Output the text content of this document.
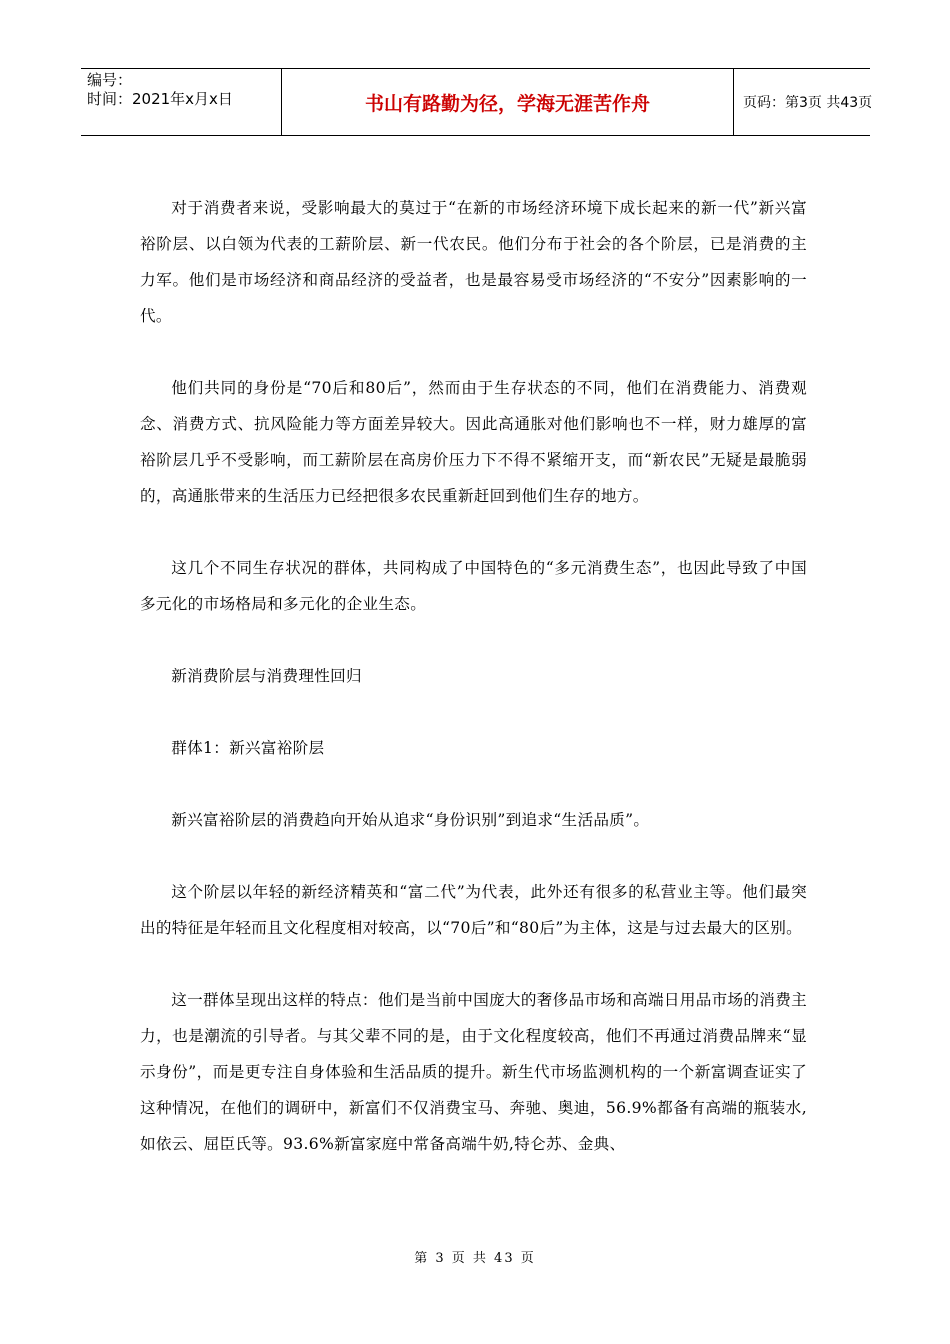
编号：
时间：2021年x月x日	书山有路勤为径，学海无涯苦作舟	页码：第3页 共43页

对于消费者来说，受影响最大的莫过于“在新的市场经济环境下成长起来的新一代”新兴富裕阶层、以白领为代表的工薪阶层、新一代农民。他们分布于社会的各个阶层，已是消费的主力军。他们是市场经济和商品经济的受益者，也是最容易受市场经济的“不安分”因素影响的一代。

他们共同的身份是“70后和80后”，然而由于生存状态的不同，他们在消费能力、消费观念、消费方式、抗风险能力等方面差异较大。因此高通胀对他们影响也不一样，财力雄厚的富裕阶层几乎不受影响，而工薪阶层在高房价压力下不得不紧缩开支，而“新农民”无疑是最脆弱的，高通胀带来的生活压力已经把很多农民重新赶回到他们生存的地方。

这几个不同生存状况的群体，共同构成了中国特色的“多元消费生态”，也因此导致了中国多元化的市场格局和多元化的企业生态。

新消费阶层与消费理性回归

群体1：新兴富裕阶层

新兴富裕阶层的消费趋向开始从追求“身份识别”到追求“生活品质”。

这个阶层以年轻的新经济精英和“富二代”为代表，此外还有很多的私营业主等。他们最突出的特征是年轻而且文化程度相对较高，以“70后”和“80后”为主体，这是与过去最大的区别。

这一群体呈现出这样的特点：他们是当前中国庞大的奢侈品市场和高端日用品市场的消费主力，也是潮流的引导者。与其父辈不同的是，由于文化程度较高，他们不再通过消费品牌来“显示身份”，而是更专注自身体验和生活品质的提升。新生代市场监测机构的一个新富调查证实了这种情况，在他们的调研中，新富们不仅消费宝马、奔驰、奥迪，56.9%都备有高端的瓶装水,如依云、屈臣氏等。93.6%新富家庭中常备高端牛奶,特仑苏、金典、

第 3 页 共 43 页
